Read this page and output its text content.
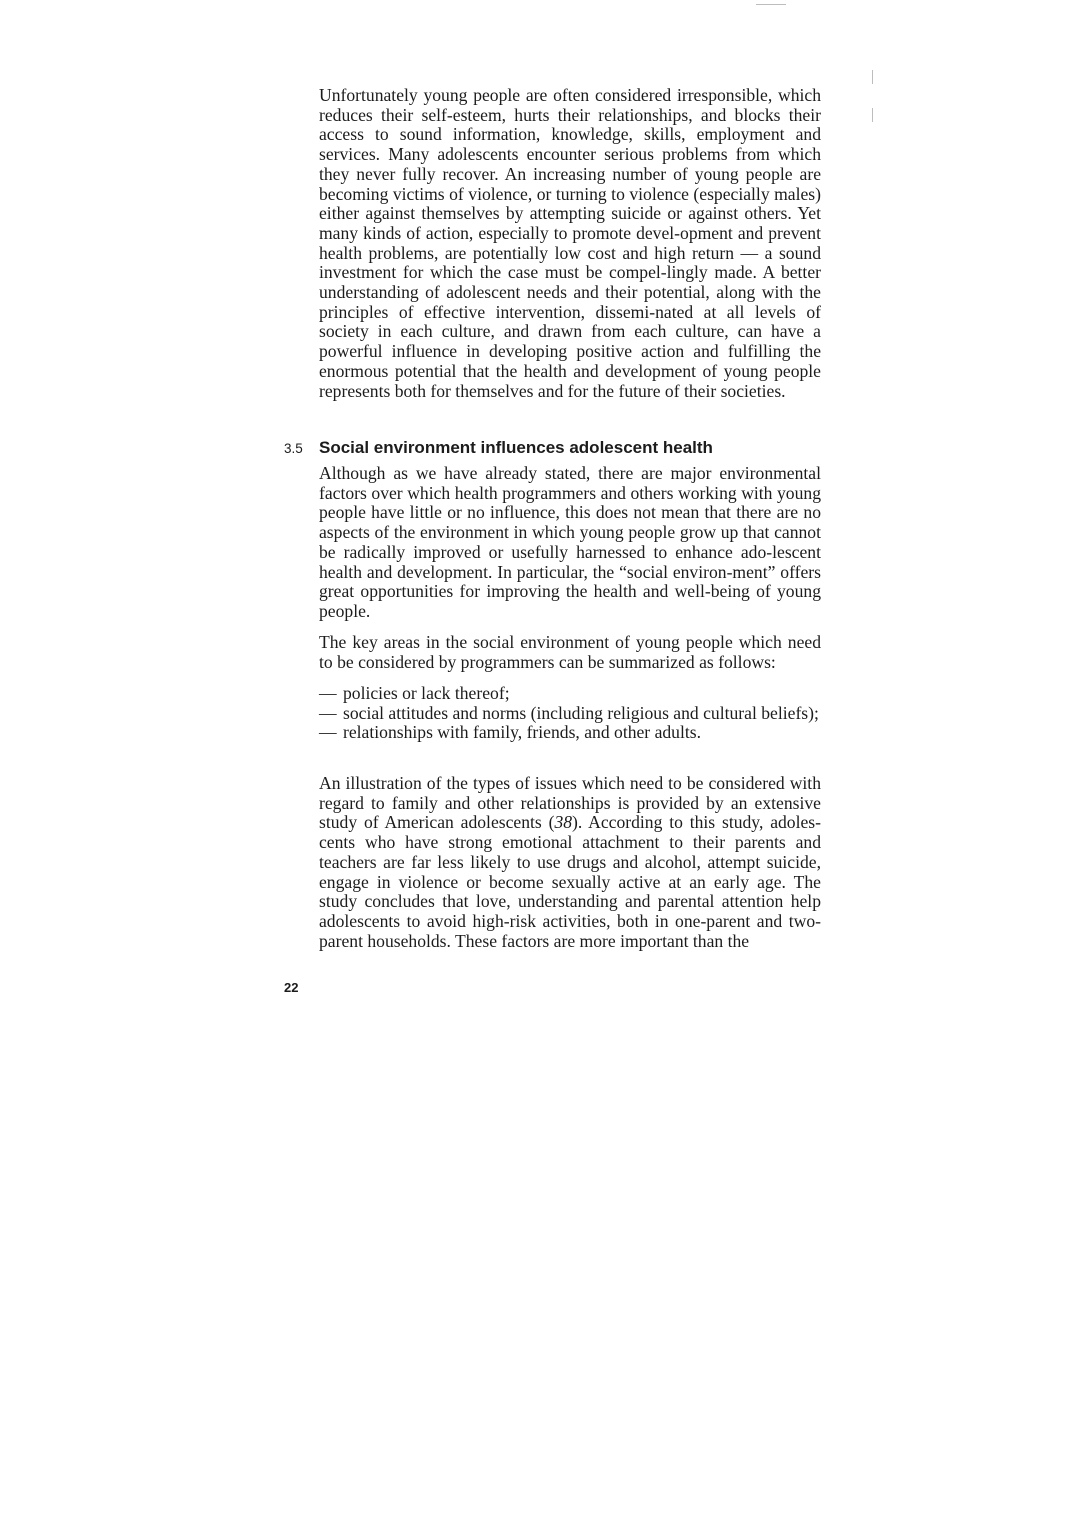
Unfortunately young people are often considered irresponsible, which reduces their self-esteem, hurts their relationships, and blocks their access to sound information, knowledge, skills, employment and services. Many adolescents encounter serious problems from which they never fully recover. An increasing number of young people are becoming victims of violence, or turning to violence (especially males) either against themselves by attempting suicide or against others. Yet many kinds of action, especially to promote devel-opment and prevent health problems, are potentially low cost and high return — a sound investment for which the case must be compel-lingly made. A better understanding of adolescent needs and their potential, along with the principles of effective intervention, dissemi-nated at all levels of society in each culture, and drawn from each culture, can have a powerful influence in developing positive action and fulfilling the enormous potential that the health and development of young people represents both for themselves and for the future of their societies.

3.5 Social environment influences adolescent health

Although as we have already stated, there are major environmental factors over which health programmers and others working with young people have little or no influence, this does not mean that there are no aspects of the environment in which young people grow up that cannot be radically improved or usefully harnessed to enhance ado-lescent health and development. In particular, the “social environ-ment” offers great opportunities for improving the health and well-being of young people.

The key areas in the social environment of young people which need to be considered by programmers can be summarized as follows:

— policies or lack thereof;
— social attitudes and norms (including religious and cultural beliefs);
— relationships with family, friends, and other adults.

An illustration of the types of issues which need to be considered with regard to family and other relationships is provided by an extensive study of American adolescents (38). According to this study, adoles-cents who have strong emotional attachment to their parents and teachers are far less likely to use drugs and alcohol, attempt suicide, engage in violence or become sexually active at an early age. The study concludes that love, understanding and parental attention help adolescents to avoid high-risk activities, both in one-parent and two-parent households. These factors are more important than the

22
